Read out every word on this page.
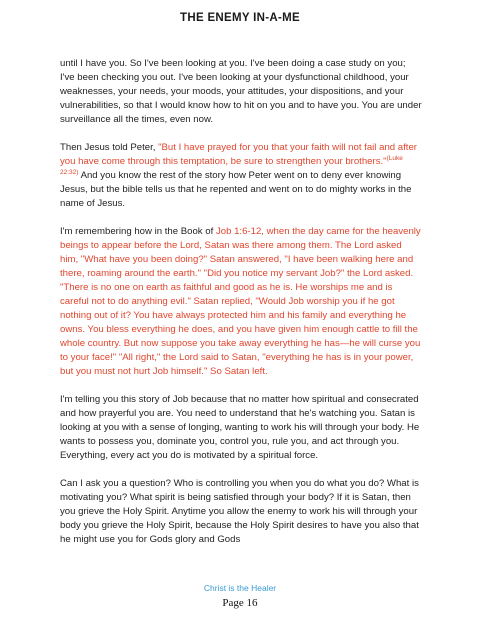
THE ENEMY IN-A-ME

until I have you. So I've been looking at you. I've been doing a case study on you; I've been checking you out. I've been looking at your dysfunctional childhood, your weaknesses, your needs, your moods, your attitudes, your dispositions, and your vulnerabilities, so that I would know how to hit on you and to have you. You are under surveillance all the times, even now.

Then Jesus told Peter, "But I have prayed for you that your faith will not fail and after you have come through this temptation, be sure to strengthen your brothers."$^{(Luke 22:32)}$ And you know the rest of the story how Peter went on to deny ever knowing Jesus, but the bible tells us that he repented and went on to do mighty works in the name of Jesus.

I'm remembering how in the Book of Job 1:6-12, when the day came for the heavenly beings to appear before the Lord, Satan was there among them. The Lord asked him, "What have you been doing?" Satan answered, "I have been walking here and there, roaming around the earth." "Did you notice my servant Job?" the Lord asked. "There is no one on earth as faithful and good as he is. He worships me and is careful not to do anything evil." Satan replied, "Would Job worship you if he got nothing out of it? You have always protected him and his family and everything he owns. You bless everything he does, and you have given him enough cattle to fill the whole country. But now suppose you take away everything he has—he will curse you to your face!" "All right," the Lord said to Satan, "everything he has is in your power, but you must not hurt Job himself." So Satan left.

I'm telling you this story of Job because that no matter how spiritual and consecrated and how prayerful you are. You need to understand that he's watching you. Satan is looking at you with a sense of longing, wanting to work his will through your body. He wants to possess you, dominate you, control you, rule you, and act through you. Everything, every act you do is motivated by a spiritual force.

Can I ask you a question? Who is controlling you when you do what you do? What is motivating you? What spirit is being satisfied through your body? If it is Satan, then you grieve the Holy Spirit. Anytime you allow the enemy to work his will through your body you grieve the Holy Spirit, because the Holy Spirit desires to have you also that he might use you for Gods glory and Gods

Christ is the Healer
Page 16
